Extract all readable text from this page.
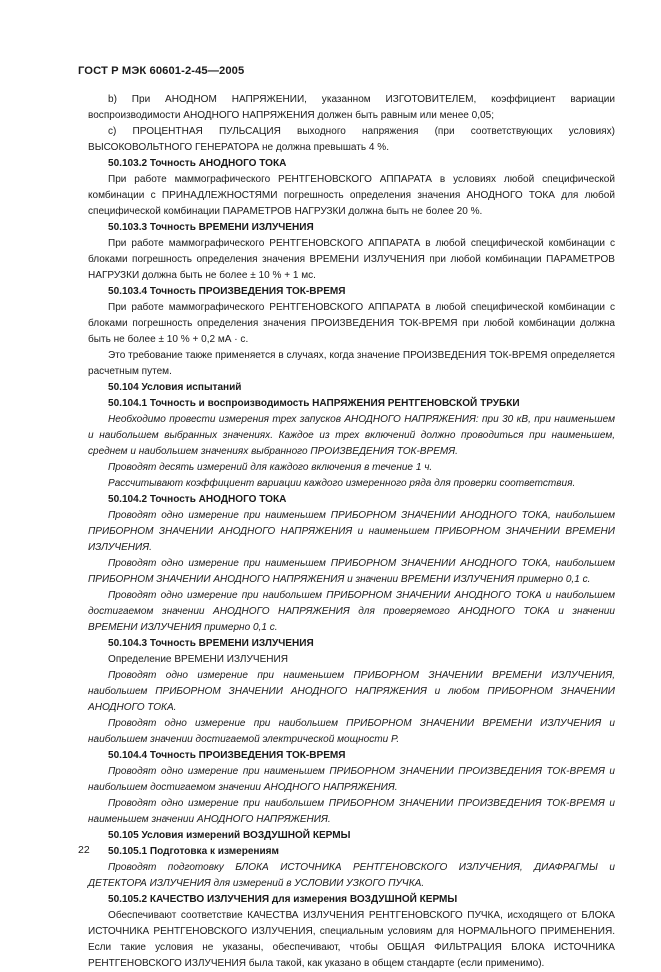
ГОСТ Р МЭК 60601-2-45—2005

b) При АНОДНОМ НАПРЯЖЕНИИ, указанном ИЗГОТОВИТЕЛЕМ, коэффициент вариации воспроизводимости АНОДНОГО НАПРЯЖЕНИЯ должен быть равным или менее 0,05;

c) ПРОЦЕНТНАЯ ПУЛЬСАЦИЯ выходного напряжения (при соответствующих условиях) ВЫСОКОВОЛЬТНОГО ГЕНЕРАТОРА не должна превышать 4 %.

50.103.2 Точность АНОДНОГО ТОКА

При работе маммографического РЕНТГЕНОВСКОГО АППАРАТА в условиях любой специфической комбинации с ПРИНАДЛЕЖНОСТЯМИ погрешность определения значения АНОДНОГО ТОКА для любой специфической комбинации ПАРАМЕТРОВ НАГРУЗКИ должна быть не более 20 %.

50.103.3 Точность ВРЕМЕНИ ИЗЛУЧЕНИЯ

При работе маммографического РЕНТГЕНОВСКОГО АППАРАТА в любой специфической комбинации с блоками погрешность определения значения ВРЕМЕНИ ИЗЛУЧЕНИЯ при любой комбинации ПАРАМЕТРОВ НАГРУЗКИ должна быть не более ± 10 % + 1 мс.

50.103.4 Точность ПРОИЗВЕДЕНИЯ ТОК-ВРЕМЯ

При работе маммографического РЕНТГЕНОВСКОГО АППАРАТА в любой специфической комбинации с блоками погрешность определения значения ПРОИЗВЕДЕНИЯ ТОК-ВРЕМЯ при любой комбинации должна быть не более ± 10 % + 0,2 мА · с.

Это требование также применяется в случаях, когда значение ПРОИЗВЕДЕНИЯ ТОК-ВРЕМЯ определяется расчетным путем.

50.104 Условия испытаний

50.104.1 Точность и воспроизводимость НАПРЯЖЕНИЯ РЕНТГЕНОВСКОЙ ТРУБКИ

Необходимо провести измерения трех запусков АНОДНОГО НАПРЯЖЕНИЯ: при 30 кВ, при наименьшем и наибольшем выбранных значениях. Каждое из трех включений должно проводиться при наименьшем, среднем и наибольшем значениях выбранного ПРОИЗВЕДЕНИЯ ТОК-ВРЕМЯ.

Проводят десять измерений для каждого включения в течение 1 ч.

Рассчитывают коэффициент вариации каждого измеренного ряда для проверки соответствия.

50.104.2 Точность АНОДНОГО ТОКА

Проводят одно измерение при наименьшем ПРИБОРНОМ ЗНАЧЕНИИ АНОДНОГО ТОКА, наибольшем ПРИБОРНОМ ЗНАЧЕНИИ АНОДНОГО НАПРЯЖЕНИЯ и наименьшем ПРИБОРНОМ ЗНАЧЕНИИ ВРЕМЕНИ ИЗЛУЧЕНИЯ.

Проводят одно измерение при наименьшем ПРИБОРНОМ ЗНАЧЕНИИ АНОДНОГО ТОКА, наибольшем ПРИБОРНОМ ЗНАЧЕНИИ АНОДНОГО НАПРЯЖЕНИЯ и значении ВРЕМЕНИ ИЗЛУЧЕНИЯ примерно 0,1 с.

Проводят одно измерение при наибольшем ПРИБОРНОМ ЗНАЧЕНИИ АНОДНОГО ТОКА и наибольшем достигаемом значении АНОДНОГО НАПРЯЖЕНИЯ для проверяемого АНОДНОГО ТОКА и значении ВРЕМЕНИ ИЗЛУЧЕНИЯ примерно 0,1 с.

50.104.3 Точность ВРЕМЕНИ ИЗЛУЧЕНИЯ

Определение ВРЕМЕНИ ИЗЛУЧЕНИЯ

Проводят одно измерение при наименьшем ПРИБОРНОМ ЗНАЧЕНИИ ВРЕМЕНИ ИЗЛУЧЕНИЯ, наибольшем ПРИБОРНОМ ЗНАЧЕНИИ АНОДНОГО НАПРЯЖЕНИЯ и любом ПРИБОРНОМ ЗНАЧЕНИИ АНОДНОГО ТОКА.

Проводят одно измерение при наибольшем ПРИБОРНОМ ЗНАЧЕНИИ ВРЕМЕНИ ИЗЛУЧЕНИЯ и наибольшем значении достигаемой электрической мощности P.

50.104.4 Точность ПРОИЗВЕДЕНИЯ ТОК-ВРЕМЯ

Проводят одно измерение при наименьшем ПРИБОРНОМ ЗНАЧЕНИИ ПРОИЗВЕДЕНИЯ ТОК-ВРЕМЯ и наибольшем достигаемом значении АНОДНОГО НАПРЯЖЕНИЯ.

Проводят одно измерение при наибольшем ПРИБОРНОМ ЗНАЧЕНИИ ПРОИЗВЕДЕНИЯ ТОК-ВРЕМЯ и наименьшем значении АНОДНОГО НАПРЯЖЕНИЯ.

50.105 Условия измерений ВОЗДУШНОЙ КЕРМЫ

50.105.1 Подготовка к измерениям

Проводят подготовку БЛОКА ИСТОЧНИКА РЕНТГЕНОВСКОГО ИЗЛУЧЕНИЯ, ДИАФРАГМЫ и ДЕТЕКТОРА ИЗЛУЧЕНИЯ для измерений в УСЛОВИИ УЗКОГО ПУЧКА.

50.105.2 КАЧЕСТВО ИЗЛУЧЕНИЯ для измерения ВОЗДУШНОЙ КЕРМЫ

Обеспечивают соответствие КАЧЕСТВА ИЗЛУЧЕНИЯ РЕНТГЕНОВСКОГО ПУЧКА, исходящего от БЛОКА ИСТОЧНИКА РЕНТГЕНОВСКОГО ИЗЛУЧЕНИЯ, специальным условиям для НОРМАЛЬНОГО ПРИМЕНЕНИЯ. Если такие условия не указаны, обеспечивают, чтобы ОБЩАЯ ФИЛЬТРАЦИЯ БЛОКА ИСТОЧНИКА РЕНТГЕНОВСКОГО ИЗЛУЧЕНИЯ была такой, как указано в общем стандарте (если применимо).

22
